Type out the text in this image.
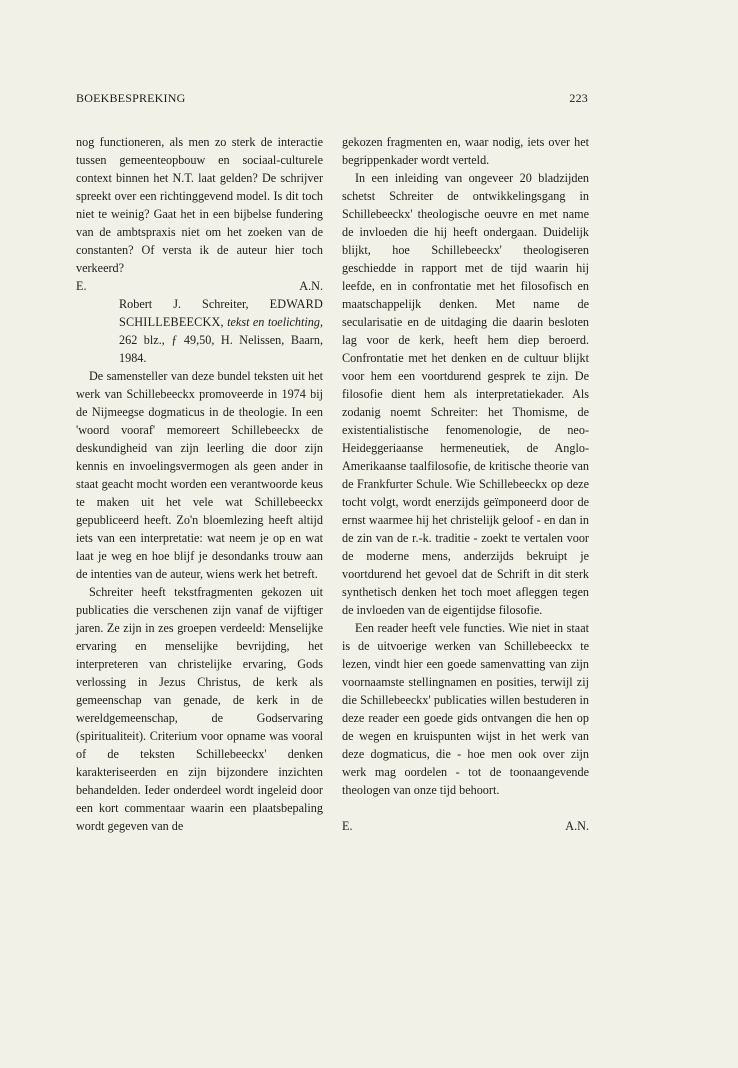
BOEKBESPREKING	223

nog functioneren, als men zo sterk de interactie tussen gemeenteopbouw en sociaal-culturele context binnen het N.T. laat gelden? De schrijver spreekt over een richtinggevend model. Is dit toch niet te weinig? Gaat het in een bijbelse fundering van de ambtspraxis niet om het zoeken van de constanten? Of versta ik de auteur hier toch verkeerd?

E.	A.N.

Robert J. Schreiter, EDWARD SCHILLEBEECKX, tekst en toelichting, 262 blz., ƒ 49,50, H. Nelissen, Baarn, 1984.

De samensteller van deze bundel teksten uit het werk van Schillebeeckx promoveerde in 1974 bij de Nijmeegse dogmaticus in de theologie. In een 'woord vooraf' memoreert Schillebeeckx de deskundigheid van zijn leerling die door zijn kennis en invoelingsvermogen als geen ander in staat geacht mocht worden een verantwoorde keus te maken uit het vele wat Schillebeeckx gepubliceerd heeft. Zo'n bloemlezing heeft altijd iets van een interpretatie: wat neem je op en wat laat je weg en hoe blijf je desondanks trouw aan de intenties van de auteur, wiens werk het betreft.

Schreiter heeft tekstfragmenten gekozen uit publicaties die verschenen zijn vanaf de vijftiger jaren. Ze zijn in zes groepen verdeeld: Menselijke ervaring en menselijke bevrijding, het interpreteren van christelijke ervaring, Gods verlossing in Jezus Christus, de kerk als gemeenschap van genade, de kerk in de wereldgemeenschap, de Godservaring (spiritualiteit). Criterium voor opname was vooral of de teksten Schillebeeckx' denken karakteriseerden en zijn bijzondere inzichten behandelden. Ieder onderdeel wordt ingeleid door een kort commentaar waarin een plaatsbepaling wordt gegeven van de

gekozen fragmenten en, waar nodig, iets over het begrippenkader wordt verteld.

In een inleiding van ongeveer 20 bladzijden schetst Schreiter de ontwikkelingsgang in Schillebeeckx' theologische oeuvre en met name de invloeden die hij heeft ondergaan. Duidelijk blijkt, hoe Schillebeeckx' theologiseren geschiedde in rapport met de tijd waarin hij leefde, en in confrontatie met het filosofisch en maatschappelijk denken. Met name de secularisatie en de uitdaging die daarin besloten lag voor de kerk, heeft hem diep beroerd. Confrontatie met het denken en de cultuur blijkt voor hem een voortdurend gesprek te zijn. De filosofie dient hem als interpretatiekader. Als zodanig noemt Schreiter: het Thomisme, de existentialistische fenomenologie, de neo-Heideggeriaanse hermeneutiek, de Anglo-Amerikaanse taalfilosofie, de kritische theorie van de Frankfurter Schule. Wie Schillebeeckx op deze tocht volgt, wordt enerzijds geïmponeerd door de ernst waarmee hij het christelijk geloof - en dan in de zin van de r.-k. traditie - zoekt te vertalen voor de moderne mens, anderzijds bekruipt je voortdurend het gevoel dat de Schrift in dit sterk synthetisch denken het toch moet afleggen tegen de invloeden van de eigentijdse filosofie.

Een reader heeft vele functies. Wie niet in staat is de uitvoerige werken van Schillebeeckx te lezen, vindt hier een goede samenvatting van zijn voornaamste stellingnamen en posities, terwijl zij die Schillebeeckx' publicaties willen bestuderen in deze reader een goede gids ontvangen die hen op de wegen en kruispunten wijst in het werk van deze dogmaticus, die - hoe men ook over zijn werk mag oordelen - tot de toonaangevende theologen van onze tijd behoort.

E.	A.N.
